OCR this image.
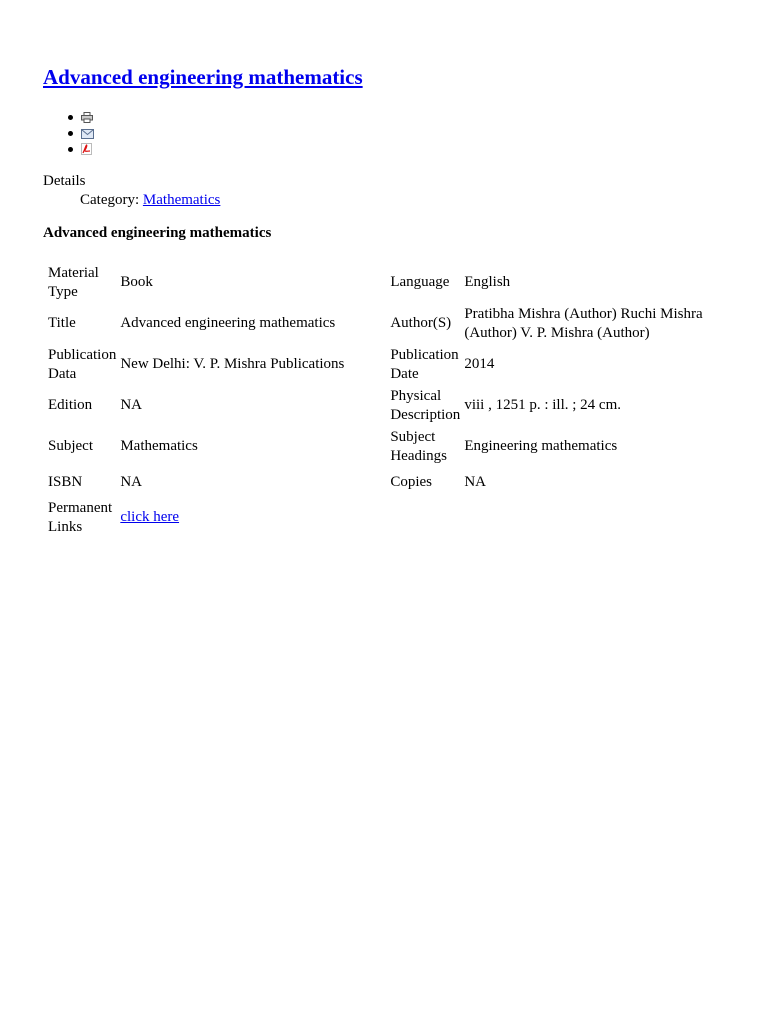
Advanced engineering mathematics
Details
Category: Mathematics
Advanced engineering mathematics
Material Type	Book	Language	English
Title	Advanced engineering mathematics	Author(S)	Pratibha Mishra (Author) Ruchi Mishra (Author) V. P. Mishra (Author)
Publication Data	New Delhi: V. P. Mishra Publications	Publication Date	2014
Edition	NA	Physical Description	viii , 1251 p. : ill. ; 24 cm.
Subject	Mathematics	Subject Headings	Engineering mathematics
ISBN	NA	Copies	NA
Permanent Links	click here		
